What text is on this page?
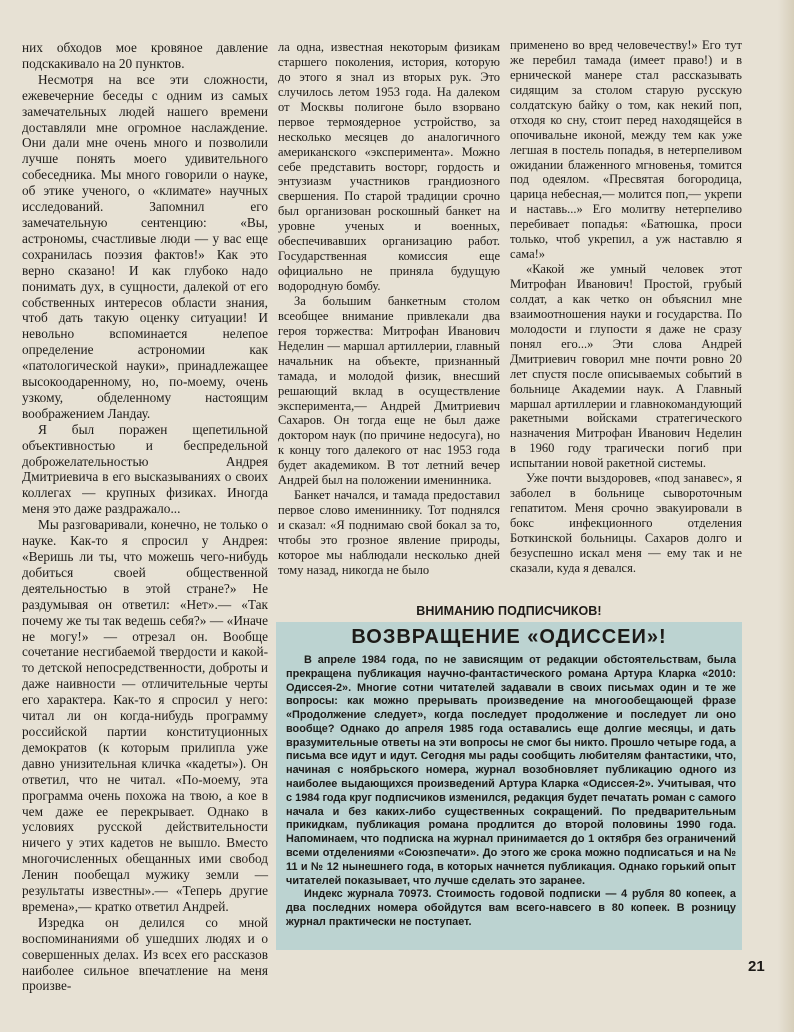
них обходов мое кровяное давление подскакивало на 20 пунктов.

Несмотря на все эти сложности, ежевечерние беседы с одним из самых замечательных людей нашего времени доставляли мне огромное наслаждение. Они дали мне очень много и позволили лучше понять моего удивительного собеседника. Мы много говорили о науке, об этике ученого, о «климате» научных исследований. Запомнил его замечательную сентенцию: «Вы, астрономы, счастливые люди — у вас еще сохранилась поэзия фактов!» Как это верно сказано! И как глубоко надо понимать дух, в сущности, далекой от его собственных интересов области знания, чтоб дать такую оценку ситуации! И невольно вспоминается нелепое определение астрономии как «патологической науки», принадлежащее высокоодаренному, но, по-моему, очень узкому, обделенному настоящим воображением Ландау.

Я был поражен щепетильной объективностью и беспредельной доброжелательностью Андрея Дмитриевича в его высказываниях о своих коллегах — крупных физиках. Иногда меня это даже раздражало...

Мы разговаривали, конечно, не только о науке. Как-то я спросил у Андрея: «Веришь ли ты, что можешь чего-нибудь добиться своей общественной деятельностью в этой стране?» Не раздумывая он ответил: «Нет».— «Так почему же ты так ведешь себя?» — «Иначе не могу!» — отрезал он. Вообще сочетание несгибаемой твердости и какой-то детской непосредственности, доброты и даже наивности — отличительные черты его характера. Как-то я спросил у него: читал ли он когда-нибудь программу российской партии конституционных демократов (к которым прилипла уже давно унизительная кличка «кадеты»). Он ответил, что не читал. «По-моему, эта программа очень похожа на твою, а кое в чем даже ее перекрывает. Однако в условиях русской действительности ничего у этих кадетов не вышло. Вместо многочисленных обещанных ими свобод Ленин пообещал мужику земли — результаты известны».— «Теперь другие времена»,— кратко ответил Андрей.

Изредка он делился со мной воспоминаниями об ушедших людях и о совершенных делах. Из всех его рассказов наиболее сильное впечатление на меня произве-

ла одна, известная некоторым физикам старшего поколения, история, которую до этого я знал из вторых рук. Это случилось летом 1953 года. На далеком от Москвы полигоне было взорвано первое термоядерное устройство, за несколько месяцев до аналогичного американского «эксперимента». Можно себе представить восторг, гордость и энтузиазм участников грандиозного свершения. По старой традиции срочно был организован роскошный банкет на уровне ученых и военных, обеспечивавших организацию работ. Государственная комиссия еще официально не приняла будущую водородную бомбу.

За большим банкетным столом всеобщее внимание привлекали два героя торжества: Митрофан Иванович Неделин — маршал артиллерии, главный начальник на объекте, признанный тамада, и молодой физик, внесший решающий вклад в осуществление эксперимента,— Андрей Дмитриевич Сахаров. Он тогда еще не был даже доктором наук (по причине недосуга), но к концу того далекого от нас 1953 года будет академиком. В тот летний вечер Андрей был на положении именинника.

Банкет начался, и тамада предоставил первое слово имениннику. Тот поднялся и сказал: «Я поднимаю свой бокал за то, чтобы это грозное явление природы, которое мы наблюдали несколько дней тому назад, никогда не было

применено во вред человечеству!» Его тут же перебил тамада (имеет право!) и в ернической манере стал рассказывать сидящим за столом старую русскую солдатскую байку о том, как некий поп, отходя ко сну, стоит перед находящейся в опочивальне иконой, между тем как уже легшая в постель попадья, в нетерпеливом ожидании блаженного мгновенья, томится под одеялом. «Пресвятая богородица, царица небесная,— молится поп,— укрепи и наставь...» Его молитву нетерпеливо перебивает попадья: «Батюшка, проси только, чтоб укрепил, а уж наставлю я сама!»

«Какой же умный человек этот Митрофан Иванович! Простой, грубый солдат, а как четко он объяснил мне взаимоотношения науки и государства. По молодости и глупости я даже не сразу понял его...» Эти слова Андрей Дмитриевич говорил мне почти ровно 20 лет спустя после описываемых событий в больнице Академии наук. А Главный маршал артиллерии и главнокомандующий ракетными войсками стратегического назначения Митрофан Иванович Неделин в 1960 году трагически погиб при испытании новой ракетной системы.

Уже почти выздоровев, «под занавес», я заболел в больнице сывороточным гепатитом. Меня срочно эвакуировали в бокс инфекционного отделения Боткинской больницы. Сахаров долго и безуспешно искал меня — ему так и не сказали, куда я девался.

ВНИМАНИЮ ПОДПИСЧИКОВ!
ВОЗВРАЩЕНИЕ «ОДИССЕИ»!

В апреле 1984 года, по не зависящим от редакции обстоятельствам, была прекращена публикация научно-фантастического романа Артура Кларка «2010: Одиссея-2». Многие сотни читателей задавали в своих письмах один и те же вопросы: как можно прерывать произведение на многообещающей фразе «Продолжение следует», когда последует продолжение и последует ли оно вообще? Однако до апреля 1985 года оставались еще долгие месяцы, и дать вразумительные ответы на эти вопросы не смог бы никто. Прошло четыре года, а письма все идут и идут. Сегодня мы рады сообщить любителям фантастики, что, начиная с ноябрьского номера, журнал возобновляет публикацию одного из наиболее выдающихся произведений Артура Кларка «Одиссея-2». Учитывая, что с 1984 года круг подписчиков изменился, редакция будет печатать роман с самого начала и без каких-либо существенных сокращений. По предварительным прикидкам, публикация романа продлится до второй половины 1990 года. Напоминаем, что подписка на журнал принимается до 1 октября без ограничений всеми отделениями «Союзпечати». До этого же срока можно подписаться и на № 11 и № 12 нынешнего года, в которых начнется публикация. Однако горький опыт читателей показывает, что лучше сделать это заранее.

Индекс журнала 70973. Стоимость годовой подписки — 4 рубля 80 копеек, а два последних номера обойдутся вам всего-навсего в 80 копеек. В розницу журнал практически не поступает.

21
